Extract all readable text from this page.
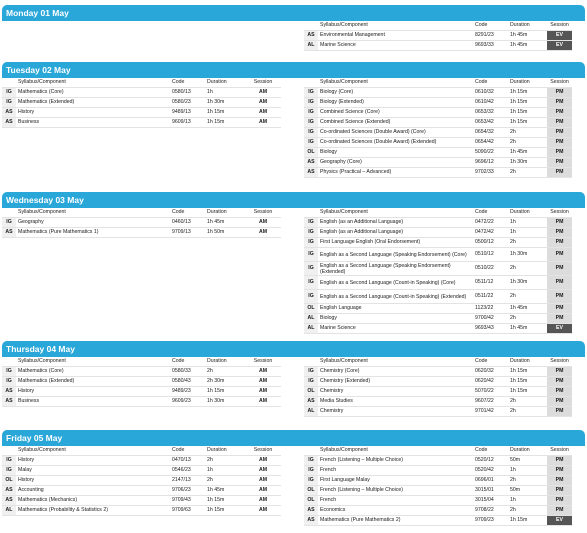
Monday 01 May
	Syllabus/Component	Code	Duration	Session
AS	Environmental Management	8291/23	1h 45m	EV
AL	Marine Science	9693/33	1h 45m	EV
Tuesday 02 May
	Syllabus/Component	Code	Duration	Session
IG	Mathematics (Core)	0580/13	1h	AM
IG	Mathematics (Extended)	0580/23	1h 30m	AM
AS	History	9489/13	1h 15m	AM
AS	Business	9609/13	1h 15m	AM
	Syllabus/Component	Code	Duration	Session
IG	Biology (Core)	0610/32	1h 15m	PM
IG	Biology (Extended)	0610/42	1h 15m	PM
IG	Combined Science (Core)	0653/32	1h 15m	PM
IG	Combined Science (Extended)	0653/42	1h 15m	PM
IG	Co-ordinated Sciences (Double Award) (Core)	0654/32	2h	PM
IG	Co-ordinated Sciences (Double Award) (Extended)	0654/42	2h	PM
OL	Biology	5090/22	1h 45m	PM
AS	Geography (Core)	9696/12	1h 30m	PM
AS	Physics (Practical – Advanced)	9702/33	2h	PM
Wednesday 03 May
	Syllabus/Component	Code	Duration	Session
IG	Geography	0460/13	1h 45m	AM
AS	Mathematics (Pure Mathematics 1)	9709/13	1h 50m	AM
	Syllabus/Component	Code	Duration	Session
IG	English (as an Additional Language)	0472/22	1h	PM
IG	English (as an Additional Language)	0472/42	1h	PM
IG	First Language English (Oral Endorsement)	0500/12	2h	PM
IG	English as a Second Language (Speaking Endorsement) (Core)	0510/12	1h 30m	PM
IG	English as a Second Language (Speaking Endorsement) (Extended)	0510/22	2h	PM
IG	English as a Second Language (Count-in Speaking) (Core)	0511/12	1h 30m	PM
IG	English as a Second Language (Count-in Speaking) (Extended)	0511/22	2h	PM
OL	English Language	1123/22	1h 45m	PM
AL	Biology	9700/42	2h	PM
AL	Marine Science	9693/43	1h 45m	EV
Thursday 04 May
	Syllabus/Component	Code	Duration	Session
IG	Mathematics (Core)	0580/33	2h	AM
IG	Mathematics (Extended)	0580/43	2h 30m	AM
AS	History	9489/23	1h 15m	AM
AS	Business	9609/23	1h 30m	AM
	Syllabus/Component	Code	Duration	Session
IG	Chemistry (Core)	0620/32	1h 15m	PM
IG	Chemistry (Extended)	0620/42	1h 15m	PM
OL	Chemistry	5070/22	1h 15m	PM
AS	Media Studies	9607/22	2h	PM
AL	Chemistry	9701/42	2h	PM
Friday 05 May
	Syllabus/Component	Code	Duration	Session
IG	History	0470/13	2h	AM
IG	Malay	0546/23	1h	AM
OL	History	2147/13	2h	AM
AS	Accounting	9706/23	1h 45m	AM
AS	Mathematics (Mechanics)	9709/43	1h 15m	AM
AL	Mathematics (Probability & Statistics 2)	9709/63	1h 15m	AM
	Syllabus/Component	Code	Duration	Session
IG	French (Listening – Multiple Choice)	0520/12	50m	PM
IG	French	0520/42	1h	PM
IG	First Language Malay	0696/01	2h	PM
OL	French (Listening – Multiple Choice)	3015/01	50m	PM
OL	French	3015/04	1h	PM
AS	Economics	9708/22	2h	PM
AS	Mathematics (Pure Mathematics 2)	9709/23	1h 15m	EV
